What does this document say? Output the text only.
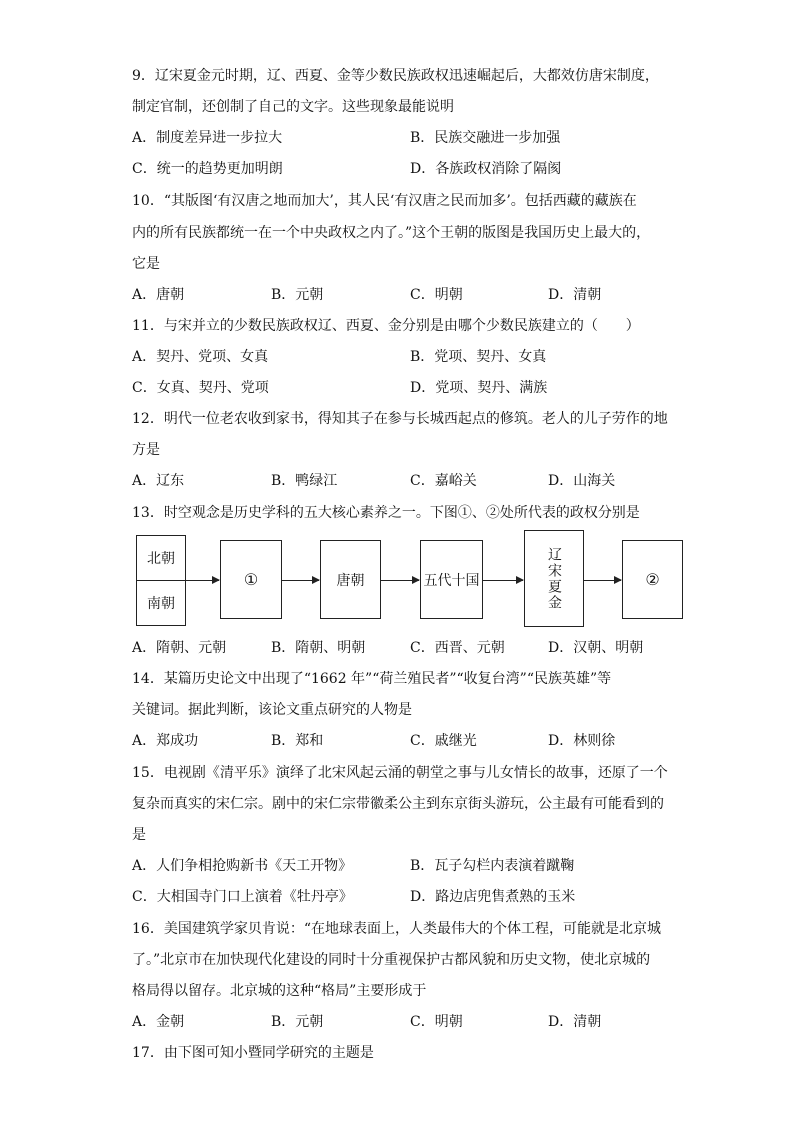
9．辽宋夏金元时期，辽、西夏、金等少数民族政权迅速崛起后，大都效仿唐宋制度，
制定官制，还创制了自己的文字。这些现象最能说明
A．制度差异进一步拉大	B．民族交融进一步加强
C．统一的趋势更加明朗	D．各族政权消除了隔阂
10．“其版图‘有汉唐之地而加大’，其人民‘有汉唐之民而加多’。包括西藏的藏族在
内的所有民族都统一在一个中央政权之内了。”这个王朝的版图是我国历史上最大的，
它是
A．唐朝	B．元朝	C．明朝	D．清朝
11．与宋并立的少数民族政权辽、西夏、金分别是由哪个少数民族建立的（　　）
A．契丹、党项、女真	B．党项、契丹、女真
C．女真、契丹、党项	D．党项、契丹、满族
12．明代一位老农收到家书，得知其子在参与长城西起点的修筑。老人的儿子劳作的地
方是
A．辽东	B．鸭绿江	C．嘉峪关	D．山海关
13．时空观念是历史学科的五大核心素养之一。下图①、②处所代表的政权分别是
北朝
南朝
①	唐朝	五代十国	辽宋夏金	②
A．隋朝、元朝	B．隋朝、明朝	C．西晋、元朝	D．汉朝、明朝
14．某篇历史论文中出现了“1662 年”“荷兰殖民者”“收复台湾”“民族英雄”等
关键词。据此判断，该论文重点研究的人物是
A．郑成功	B．郑和	C．戚继光	D．林则徐
15．电视剧《清平乐》演绎了北宋风起云涌的朝堂之事与儿女情长的故事，还原了一个
复杂而真实的宋仁宗。剧中的宋仁宗带徽柔公主到东京街头游玩，公主最有可能看到的
是
A．人们争相抢购新书《天工开物》	B．瓦子勾栏内表演着蹴鞠
C．大相国寺门口上演着《牡丹亭》	D．路边店兜售煮熟的玉米
16．美国建筑学家贝肯说：“在地球表面上，人类最伟大的个体工程，可能就是北京城
了。”北京市在加快现代化建设的同时十分重视保护古都风貌和历史文物，使北京城的
格局得以留存。北京城的这种“格局”主要形成于
A．金朝	B．元朝	C．明朝	D．清朝
17．由下图可知小暨同学研究的主题是
